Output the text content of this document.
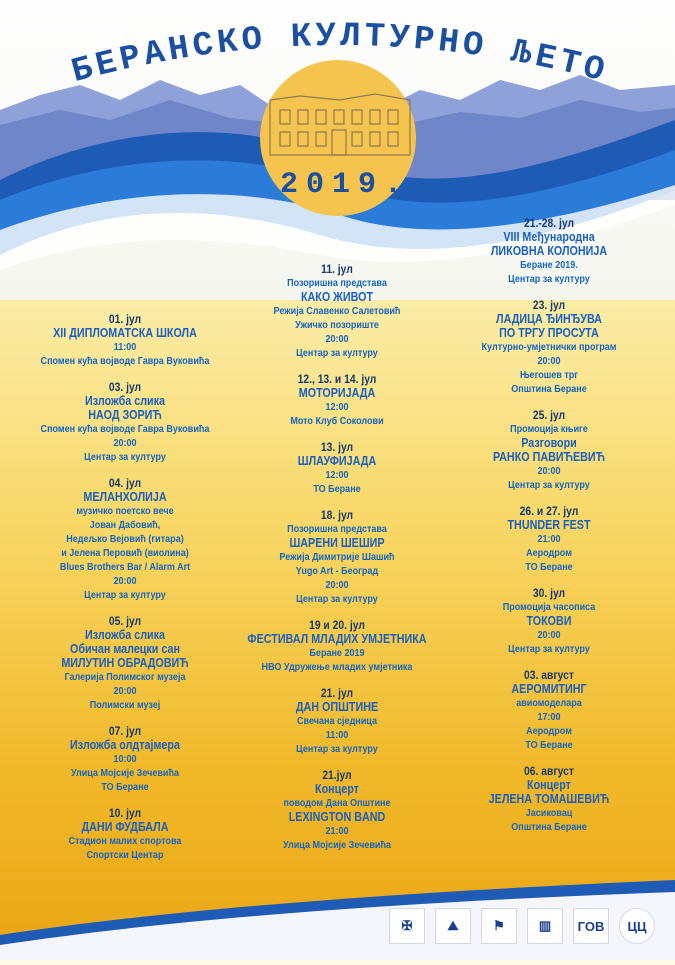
БЕРАНСКО КУЛТУРНО ЉЕТО
2019.
01. јул
XII ДИПЛОМАТСКА ШКОЛА
11:00
Спомен кућа војводе Гавра Вуковића
03. јул
Изложба слика
НАОД ЗОРИЋ
Спомен кућа војводе Гавра Вуковића
20:00
Центар за културу
04. јул
МЕЛАНХОЛИЈА
музичко поетско вече
Јован Дабовић,
Недељко Вејовић (гитара)
и Јелена Перовић (виолина)
Blues Brothers Bar / Alarm Art
20:00
Центар за културу
05. јул
Изложба слика
Обичан малецки сан
МИЛУТИН ОБРАДОВИЋ
Галерија Полимског музеја
20:00
Полимски музеј
07. јул
Изложба олдтајмера
10:00
Улица Мојсије Зечевића
ТО Беране
10. јул
ДАНИ ФУДБАЛА
Стадион малих спортова
Спортски Центар
11. јул
Позоришна представа
КАКО ЖИВОТ
Режија Славенко Салетовић
Ужичко позориште
20:00
Центар за културу
12., 13. и 14. јул
МОТОРИЈАДА
12:00
Мото Клуб Соколови
13. јул
ШЛАУФИЈАДА
12:00
ТО Беране
18. јул
Позоришна представа
ШАРЕНИ ШЕШИР
Режија Димитрије Шашић
Yugo Art - Београд
20:00
Центар за културу
19 и 20. јул
ФЕСТИВАЛ МЛАДИХ УМЈЕТНИКА
Беране 2019
НВО Удружење младих умјетника
21. јул
ДАН ОПШТИНЕ
Свечана сједница
11:00
Центар за културу
21.јул
Концерт
поводом Дана Општине
LEXINGTON BAND
21:00
Улица Мојсије Зечевића
21.-28. јул
VIII Међународна
ЛИКОВНА КОЛОНИЈА
Беране 2019.
Центар за културу
23. јул
ЛАДИЦА ЂИНЂУВА
ПО ТРГУ ПРОСУТА
Културно-умјетнички програм
20:00
Његошев трг
Општина Беране
25. јул
Промоција књиге
Разговори
РАНКО ПАВИЋЕВИЋ
20:00
Центар за културу
26. и 27. јул
THUNDER FEST
21:00
Аеродром
ТО Беране
30. јул
Промоција часописа
ТОКОВИ
20:00
Центар за културу
03. август
АЕРОМИТИНГ
авиомоделара
17:00
Аеродром
ТО Беране
06. август
Концерт
ЈЕЛЕНА ТОМАШЕВИЋ
Јасиковац
Општина Беране
✠	⛰	⚑	▥	ГОВ	ЦЦ
